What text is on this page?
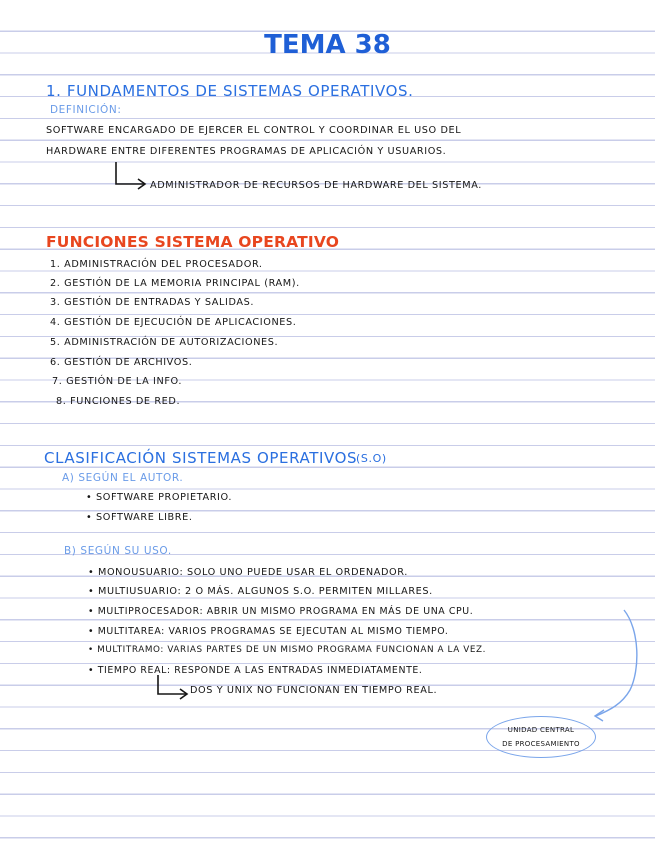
TEMA 38
1. FUNDAMENTOS DE SISTEMAS OPERATIVOS.
DEFINICIÓN:
SOFTWARE ENCARGADO DE EJERCER EL CONTROL Y COORDINAR EL USO DEL
HARDWARE ENTRE DIFERENTES PROGRAMAS DE APLICACIÓN Y USUARIOS.
ADMINISTRADOR DE RECURSOS DE HARDWARE DEL SISTEMA.
FUNCIONES SISTEMA OPERATIVO
1. ADMINISTRACIÓN DEL PROCESADOR.
2. GESTIÓN DE LA MEMORIA PRINCIPAL (RAM).
3. GESTIÓN DE ENTRADAS Y SALIDAS.
4. GESTIÓN DE EJECUCIÓN DE APLICACIONES.
5. ADMINISTRACIÓN DE AUTORIZACIONES.
6. GESTIÓN DE ARCHIVOS.
7. GESTIÓN DE LA INFO.
8. FUNCIONES DE RED.
CLASIFICACIÓN SISTEMAS OPERATIVOS
(S.O)
A) SEGÚN EL AUTOR.
• SOFTWARE PROPIETARIO.
• SOFTWARE LIBRE.
B) SEGÚN SU USO.
• MONOUSUARIO: SOLO UNO PUEDE USAR EL ORDENADOR.
• MULTIUSUARIO: 2 O MÁS. ALGUNOS S.O. PERMITEN MILLARES.
• MULTIPROCESADOR: ABRIR UN MISMO PROGRAMA EN MÁS DE UNA CPU.
• MULTITAREA: VARIOS PROGRAMAS SE EJECUTAN AL MISMO TIEMPO.
• MULTITRAMO: VARIAS PARTES DE UN MISMO PROGRAMA FUNCIONAN A LA VEZ.
• TIEMPO REAL: RESPONDE A LAS ENTRADAS INMEDIATAMENTE.
DOS Y UNIX NO FUNCIONAN EN TIEMPO REAL.
UNIDAD CENTRAL
DE PROCESAMIENTO
